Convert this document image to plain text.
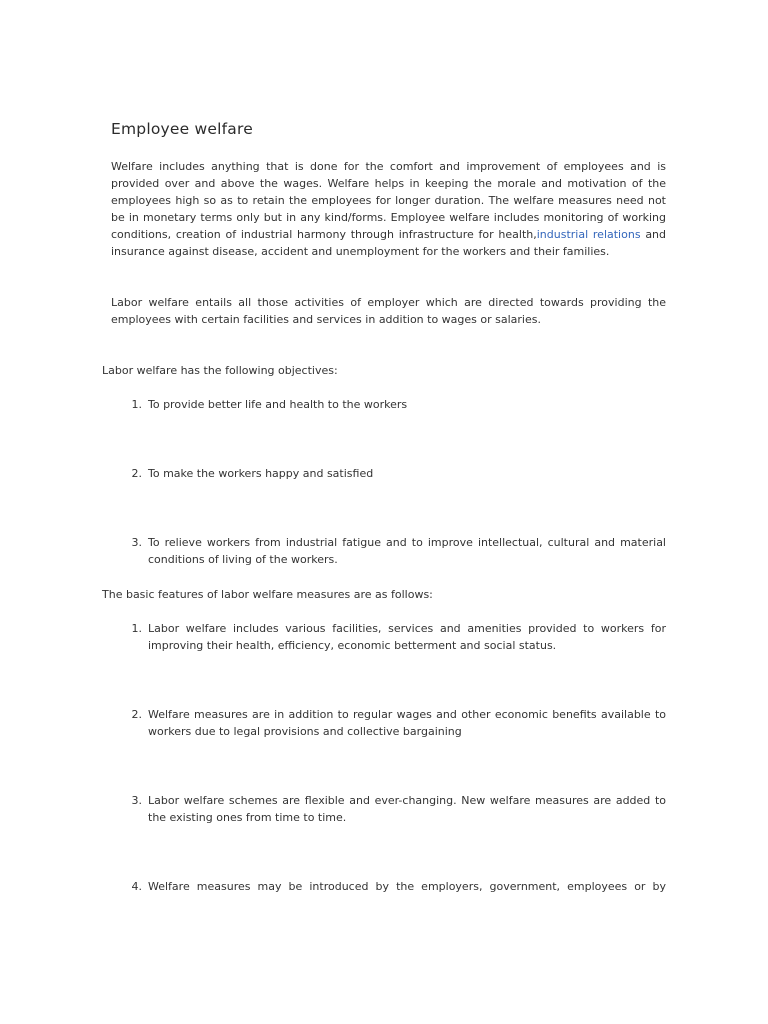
Employee welfare

Welfare includes anything that is done for the comfort and improvement of employees and is provided over and above the wages. Welfare helps in keeping the morale and motivation of the employees high so as to retain the employees for longer duration. The welfare measures need not be in monetary terms only but in any kind/forms. Employee welfare includes monitoring of working conditions, creation of industrial harmony through infrastructure for health,industrial relations and insurance against disease, accident and unemployment for the workers and their families.

Labor welfare entails all those activities of employer which are directed towards providing the employees with certain facilities and services in addition to wages or salaries.

Labor welfare has the following objectives:

1. To provide better life and health to the workers
2. To make the workers happy and satisfied
3. To relieve workers from industrial fatigue and to improve intellectual, cultural and material conditions of living of the workers.

The basic features of labor welfare measures are as follows:

1. Labor welfare includes various facilities, services and amenities provided to workers for improving their health, efficiency, economic betterment and social status.
2. Welfare measures are in addition to regular wages and other economic benefits available to workers due to legal provisions and collective bargaining
3. Labor welfare schemes are flexible and ever-changing. New welfare measures are added to the existing ones from time to time.
4. Welfare measures may be introduced by the employers, government, employees or by
